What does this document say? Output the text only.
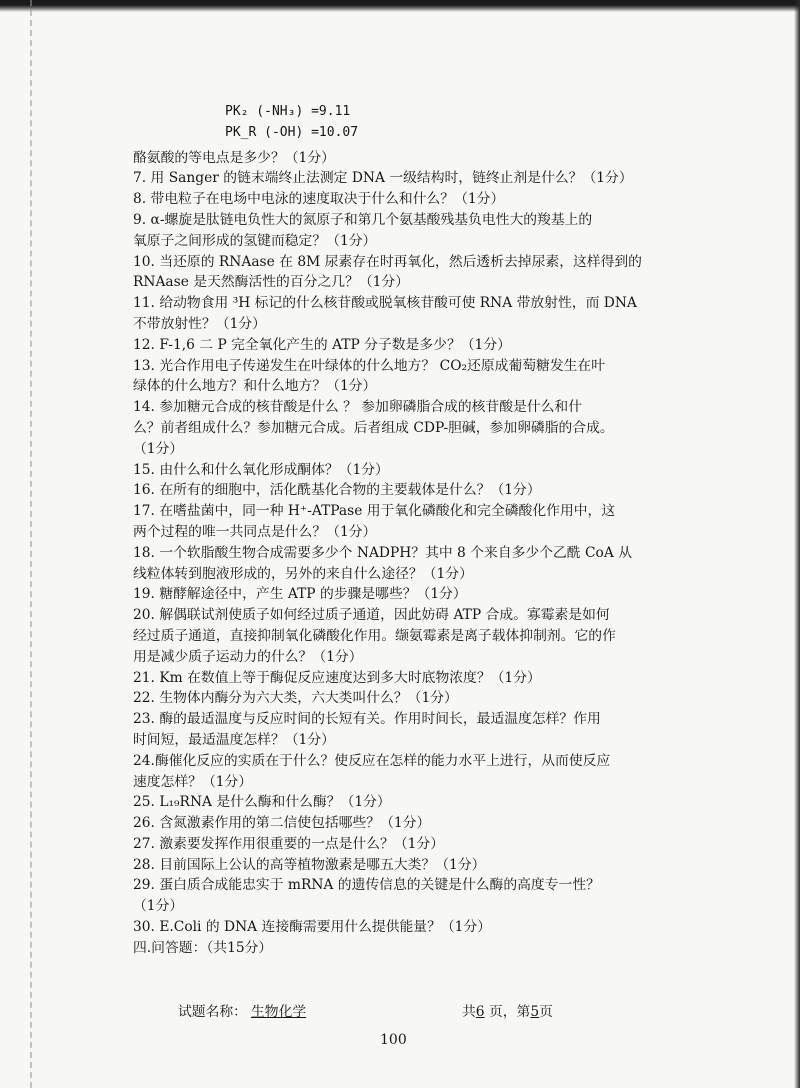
PK₂ (-NH₃) =9.11
PK_R (-OH) =10.07
酪氨酸的等电点是多少？（1分）
7. 用 Sanger 的链末端终止法测定 DNA 一级结构时，链终止剂是什么？（1分）
8. 带电粒子在电场中电泳的速度取决于什么和什么？（1分）
9. α-螺旋是肽链电负性大的氮原子和第几个氨基酸残基负电性大的羧基上的
氧原子之间形成的氢键而稳定？（1分）
10. 当还原的 RNAase 在 8M 尿素存在时再氧化，然后透析去掉尿素，这样得到的
RNAase 是天然酶活性的百分之几？（1分）
11. 给动物食用 ³H 标记的什么核苷酸或脱氧核苷酸可使 RNA 带放射性，而 DNA
不带放射性？（1分）
12. F-1,6 二 P 完全氧化产生的 ATP 分子数是多少？（1分）
13. 光合作用电子传递发生在叶绿体的什么地方？ CO₂还原成葡萄糖发生在叶
绿体的什么地方？和什么地方？（1分）
14. 参加糖元合成的核苷酸是什么 ？ 参加卵磷脂合成的核苷酸是什么和什
么？前者组成什么？参加糖元合成。后者组成 CDP-胆碱，参加卵磷脂的合成。
（1分）
15. 由什么和什么氧化形成酮体？（1分）
16. 在所有的细胞中，活化酰基化合物的主要载体是什么？（1分）
17. 在嗜盐菌中，同一种 H⁺-ATPase 用于氧化磷酸化和完全磷酸化作用中，这
两个过程的唯一共同点是什么？（1分）
18. 一个软脂酸生物合成需要多少个 NADPH？其中 8 个来自多少个乙酰 CoA 从
线粒体转到胞液形成的，另外的来自什么途径？（1分）
19. 糖酵解途径中，产生 ATP 的步骤是哪些？（1分）
20. 解偶联试剂使质子如何经过质子通道，因此妨碍 ATP 合成。寡霉素是如何
经过质子通道，直接抑制氧化磷酸化作用。缬氨霉素是离子载体抑制剂。它的作
用是减少质子运动力的什么？（1分）
21. Km 在数值上等于酶促反应速度达到多大时底物浓度？（1分）
22. 生物体内酶分为六大类，六大类叫什么？（1分）
23. 酶的最适温度与反应时间的长短有关。作用时间长，最适温度怎样？作用
时间短，最适温度怎样？（1分）
24.酶催化反应的实质在于什么？使反应在怎样的能力水平上进行，从而使反应
速度怎样？（1分）
25. L₁₉RNA 是什么酶和什么酶？（1分）
26. 含氮激素作用的第二信使包括哪些？（1分）
27. 激素要发挥作用很重要的一点是什么？（1分）
28. 目前国际上公认的高等植物激素是哪五大类？（1分）
29. 蛋白质合成能忠实于 mRNA 的遗传信息的关键是什么酶的高度专一性？
（1分）
30. E.Coli 的 DNA 连接酶需要用什么提供能量？（1分）
四.问答题：（共15分）
试题名称： 生物化学	共6 页，第5页
100
